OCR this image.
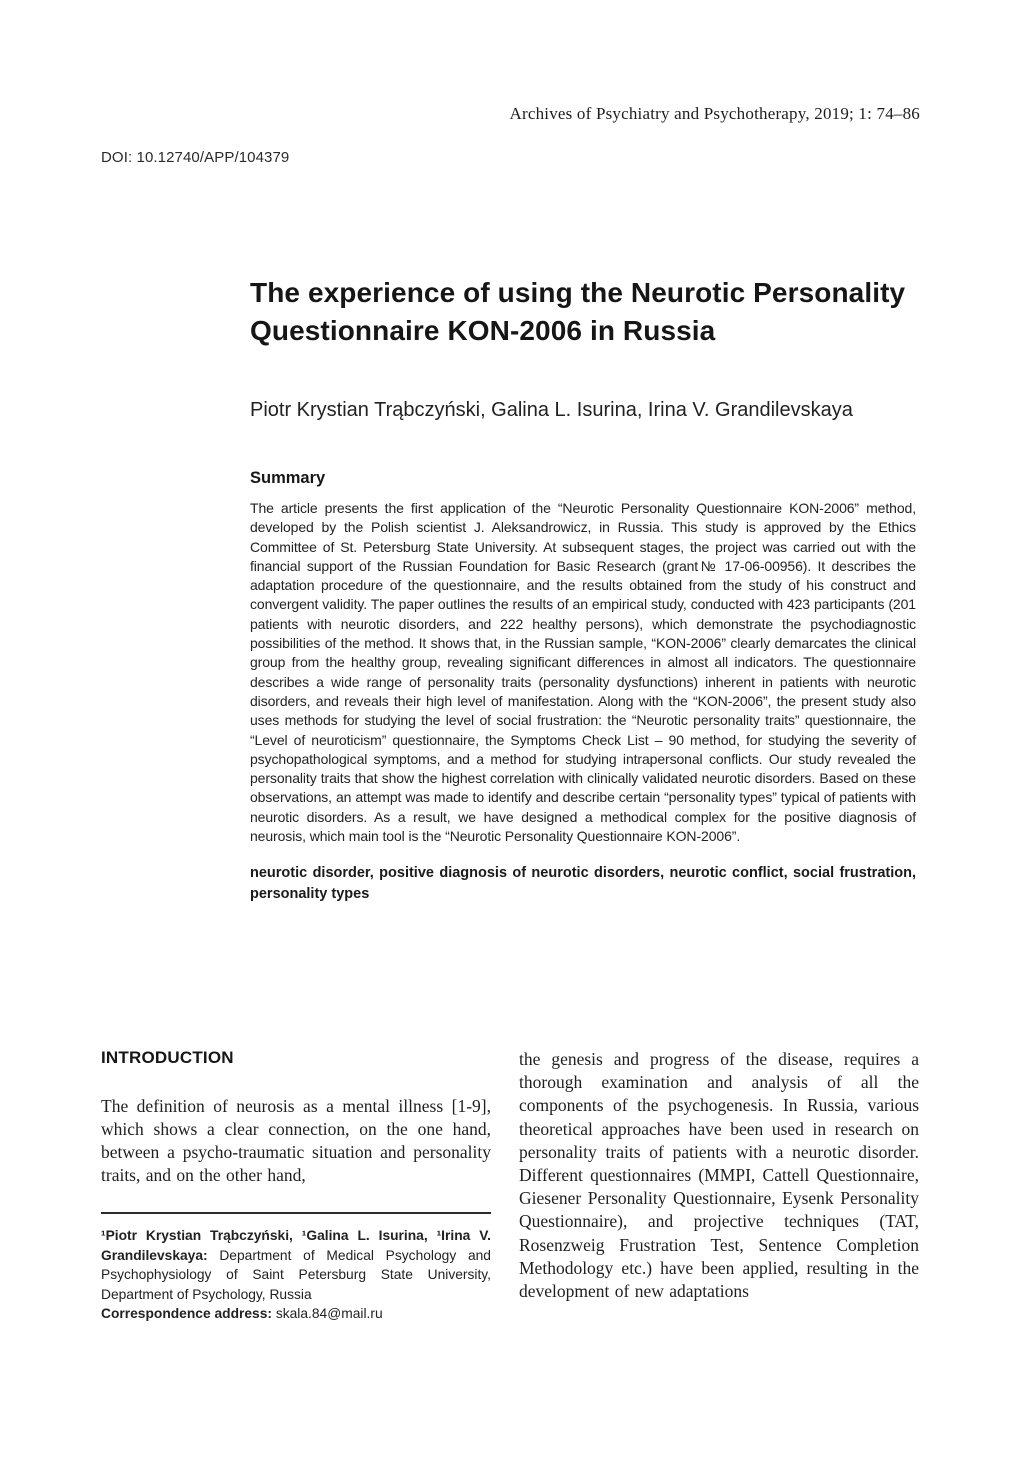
Archives of Psychiatry and Psychotherapy, 2019; 1: 74–86
DOI: 10.12740/APP/104379
The experience of using the Neurotic Personality Questionnaire KON-2006 in Russia
Piotr Krystian Trąbczyński, Galina L. Isurina, Irina V. Grandilevskaya
Summary

The article presents the first application of the “Neurotic Personality Questionnaire KON-2006” method, developed by the Polish scientist J. Aleksandrowicz, in Russia. This study is approved by the Ethics Committee of St. Petersburg State University. At subsequent stages, the project was carried out with the financial support of the Russian Foundation for Basic Research (grant№ 17-06-00956). It describes the adaptation procedure of the questionnaire, and the results obtained from the study of his construct and convergent validity. The paper outlines the results of an empirical study, conducted with 423 participants (201 patients with neurotic disorders, and 222 healthy persons), which demonstrate the psychodiagnostic possibilities of the method. It shows that, in the Russian sample, “KON-2006” clearly demarcates the clinical group from the healthy group, revealing significant differences in almost all indicators. The questionnaire describes a wide range of personality traits (personality dysfunctions) inherent in patients with neurotic disorders, and reveals their high level of manifestation. Along with the “KON-2006”, the present study also uses methods for studying the level of social frustration: the “Neurotic personality traits” questionnaire, the “Level of neuroticism” questionnaire, the Symptoms Check List – 90 method, for studying the severity of psychopathological symptoms, and a method for studying intrapersonal conflicts. Our study revealed the personality traits that show the highest correlation with clinically validated neurotic disorders. Based on these observations, an attempt was made to identify and describe certain “personality types” typical of patients with neurotic disorders. As a result, we have designed a methodical complex for the positive diagnosis of neurosis, which main tool is the “Neurotic Personality Questionnaire KON-2006”.

neurotic disorder, positive diagnosis of neurotic disorders, neurotic conflict, social frustration, personality types

INTRODUCTION

The definition of neurosis as a mental illness [1-9], which shows a clear connection, on the one hand, between a psycho-traumatic situation and personality traits, and on the other hand,

¹Piotr Krystian Trąbczyński, ¹Galina L. Isurina, ¹Irina V. Grandilevskaya: Department of Medical Psychology and Psychophysiology of Saint Petersburg State University, Department of Psychology, Russia

Correspondence address: skala.84@mail.ru

the genesis and progress of the disease, requires a thorough examination and analysis of all the components of the psychogenesis. In Russia, various theoretical approaches have been used in research on personality traits of patients with a neurotic disorder. Different questionnaires (MMPI, Cattell Questionnaire, Giesener Personality Questionnaire, Eysenk Personality Questionnaire), and projective techniques (TAT, Rosenzweig Frustration Test, Sentence Completion Methodology etc.) have been applied, resulting in the development of new adaptations
